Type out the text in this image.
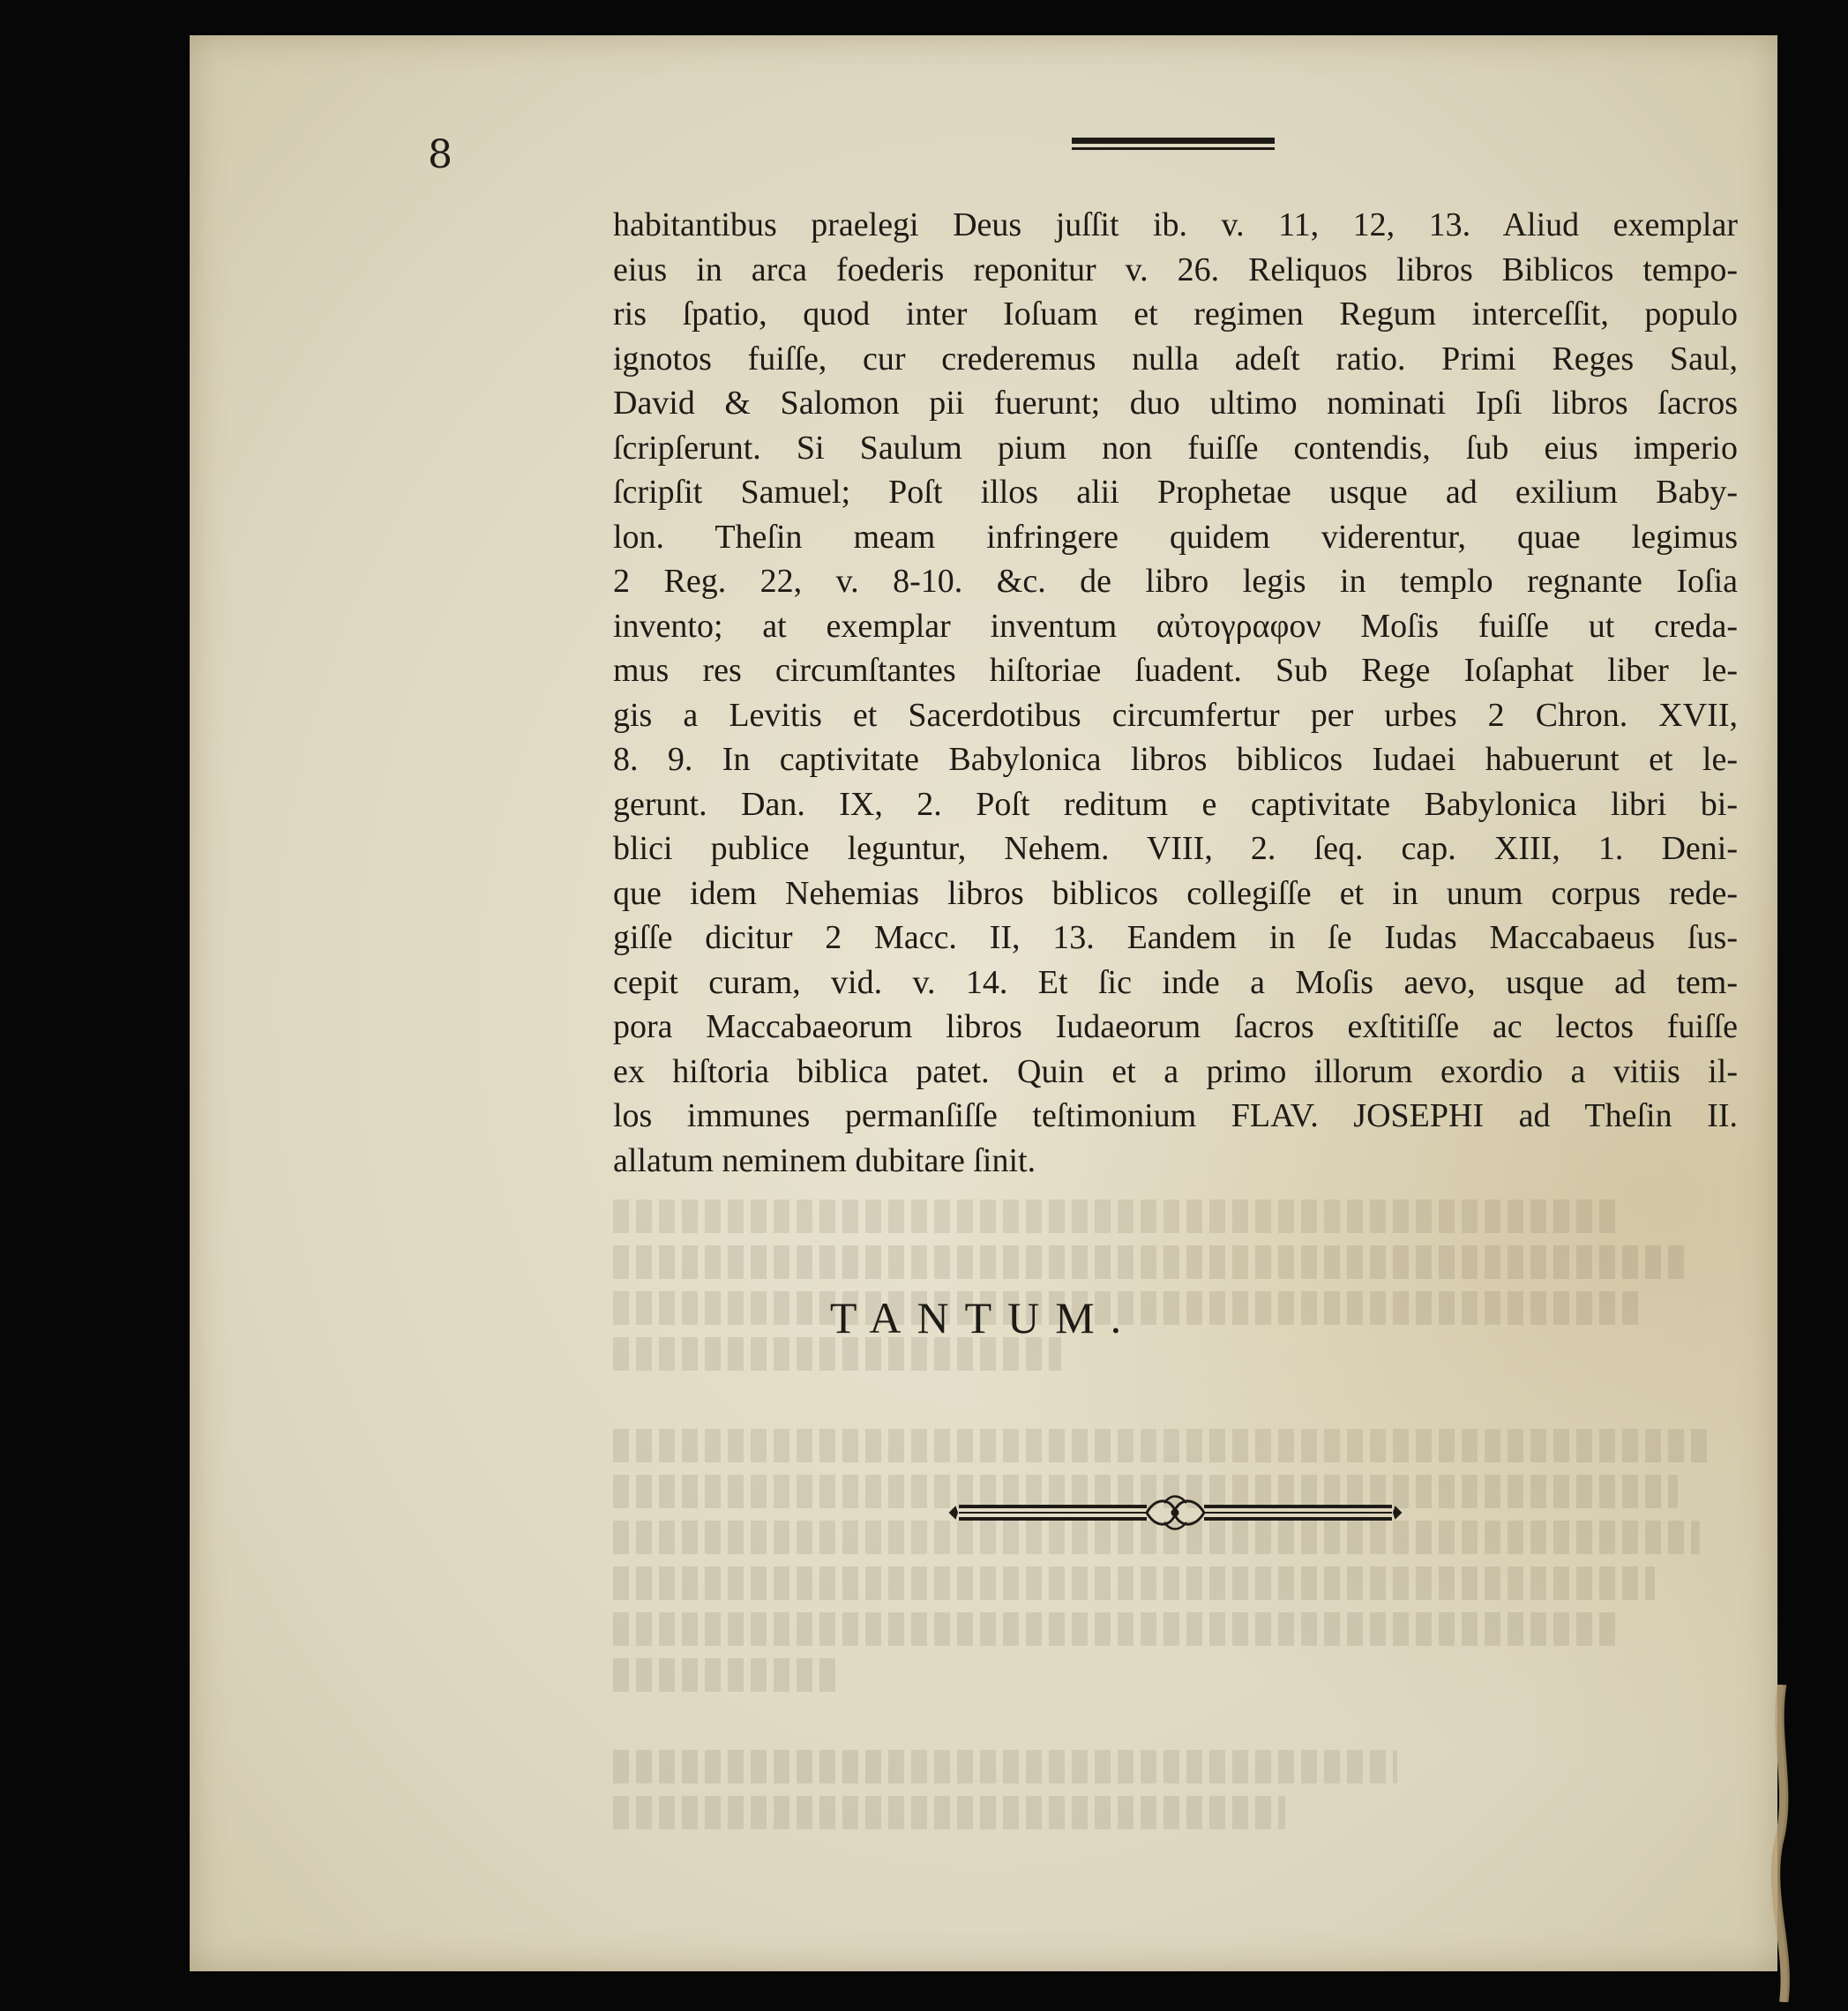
8
habitantibus praelegi Deus juſſit ib. v. 11, 12, 13. Aliud exemplar
eius in arca foederis reponitur v. 26. Reliquos libros Biblicos tempo-
ris ſpatio, quod inter Ioſuam et regimen Regum interceſſit, populo
ignotos fuiſſe, cur crederemus nulla adeſt ratio. Primi Reges Saul,
David & Salomon pii fuerunt; duo ultimo nominati Ipſi libros ſacros
ſcripſerunt. Si Saulum pium non fuiſſe contendis, ſub eius imperio
ſcripſit Samuel; Poſt illos alii Prophetae usque ad exilium Baby-
lon. Theſin meam infringere quidem viderentur, quae legimus
2 Reg. 22, v. 8-10. &c. de libro legis in templo regnante Ioſia
invento; at exemplar inventum αὐτογραφον Moſis fuiſſe ut creda-
mus res circumſtantes hiſtoriae ſuadent. Sub Rege Ioſaphat liber le-
gis a Levitis et Sacerdotibus circumfertur per urbes 2 Chron. XVII,
8. 9. In captivitate Babylonica libros biblicos Iudaei habuerunt et le-
gerunt. Dan. IX, 2. Poſt reditum e captivitate Babylonica libri bi-
blici publice leguntur, Nehem. VIII, 2. ſeq. cap. XIII, 1. Deni-
que idem Nehemias libros biblicos collegiſſe et in unum corpus rede-
giſſe dicitur 2 Macc. II, 13. Eandem in ſe Iudas Maccabaeus ſus-
cepit curam, vid. v. 14. Et ſic inde a Moſis aevo, usque ad tem-
pora Maccabaeorum libros Iudaeorum ſacros exſtitiſſe ac lectos fuiſſe
ex hiſtoria biblica patet. Quin et a primo illorum exordio a vitiis il-
los immunes permanſiſſe teſtimonium FLAV. JOSEPHI ad Theſin II.
allatum neminem dubitare ſinit.
TANTUM.
